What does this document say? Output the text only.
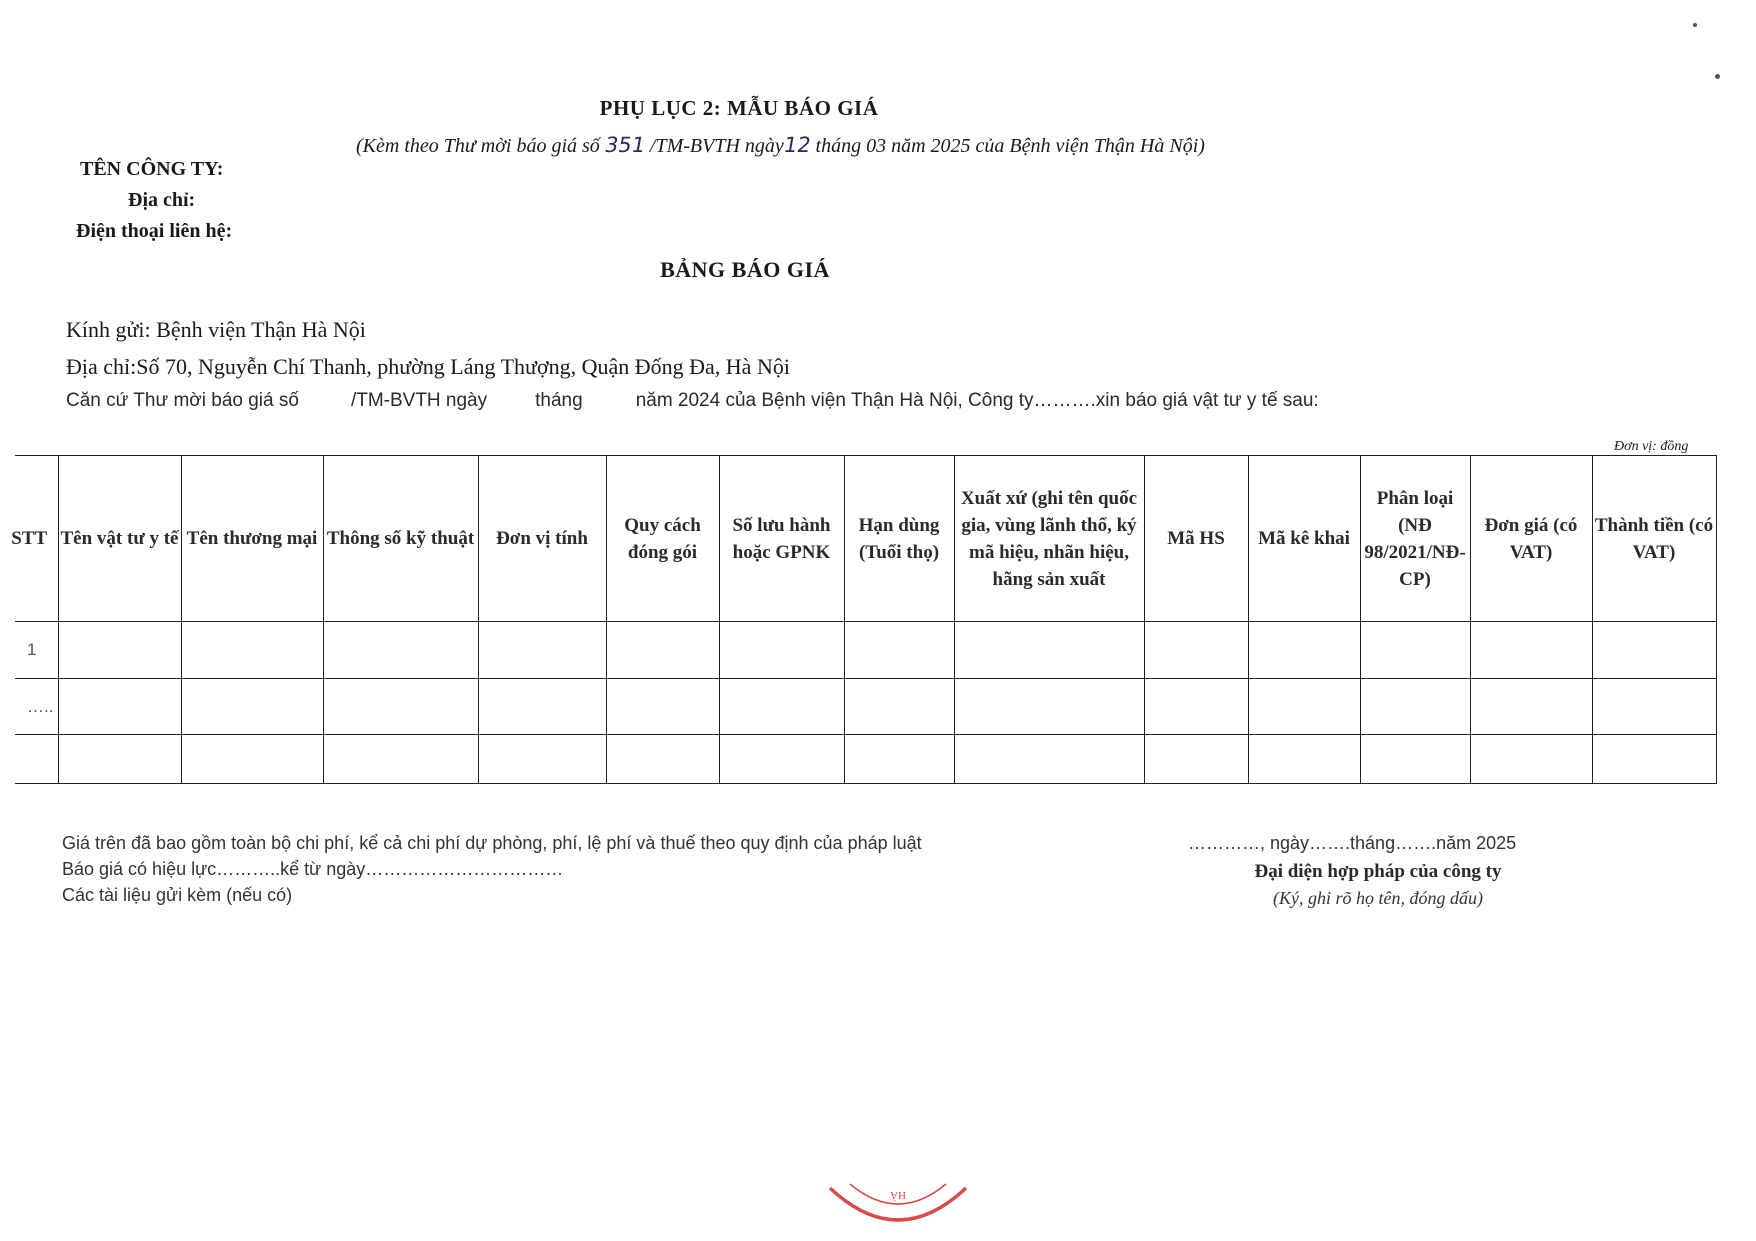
PHỤ LỤC 2: MẪU BÁO GIÁ
(Kèm theo Thư mời báo giá số 351 /TM-BVTH ngày12 tháng 03 năm 2025 của Bệnh viện Thận Hà Nội)
TÊN CÔNG TY:
Địa chỉ:
Điện thoại liên hệ:
BẢNG BÁO GIÁ
Kính gửi: Bệnh viện Thận Hà Nội
Địa chỉ:Số 70, Nguyễn Chí Thanh, phường Láng Thượng, Quận Đống Đa, Hà Nội
Căn cứ Thư mời báo giá số	/TM-BVTH ngày	tháng	năm 2024 của Bệnh viện Thận Hà Nội, Công ty……….xin báo giá vật tư y tế sau:
Đơn vị: đồng
STT	Tên vật tư y tế	Tên thương mại	Thông số kỹ thuật	Đơn vị tính	Quy cách đóng gói	Số lưu hành hoặc GPNK	Hạn dùng (Tuổi thọ)	Xuất xứ (ghi tên quốc gia, vùng lãnh thổ, ký mã hiệu, nhãn hiệu, hãng sản xuất	Mã HS	Mã kê khai	Phân loại (NĐ 98/2021/NĐ-CP)	Đơn giá (có VAT)	Thành tiền (có VAT)
1													
…..													

Giá trên đã bao gồm toàn bộ chi phí, kể cả chi phí dự phòng, phí, lệ phí và thuế theo quy định của pháp luật
Báo giá có hiệu lực………..kể từ ngày……………………………
Các tài liệu gửi kèm (nếu có)
…………, ngày…….tháng…….năm 2025
Đại diện hợp pháp của công ty
(Ký, ghi rõ họ tên, đóng dấu)
HÀ
